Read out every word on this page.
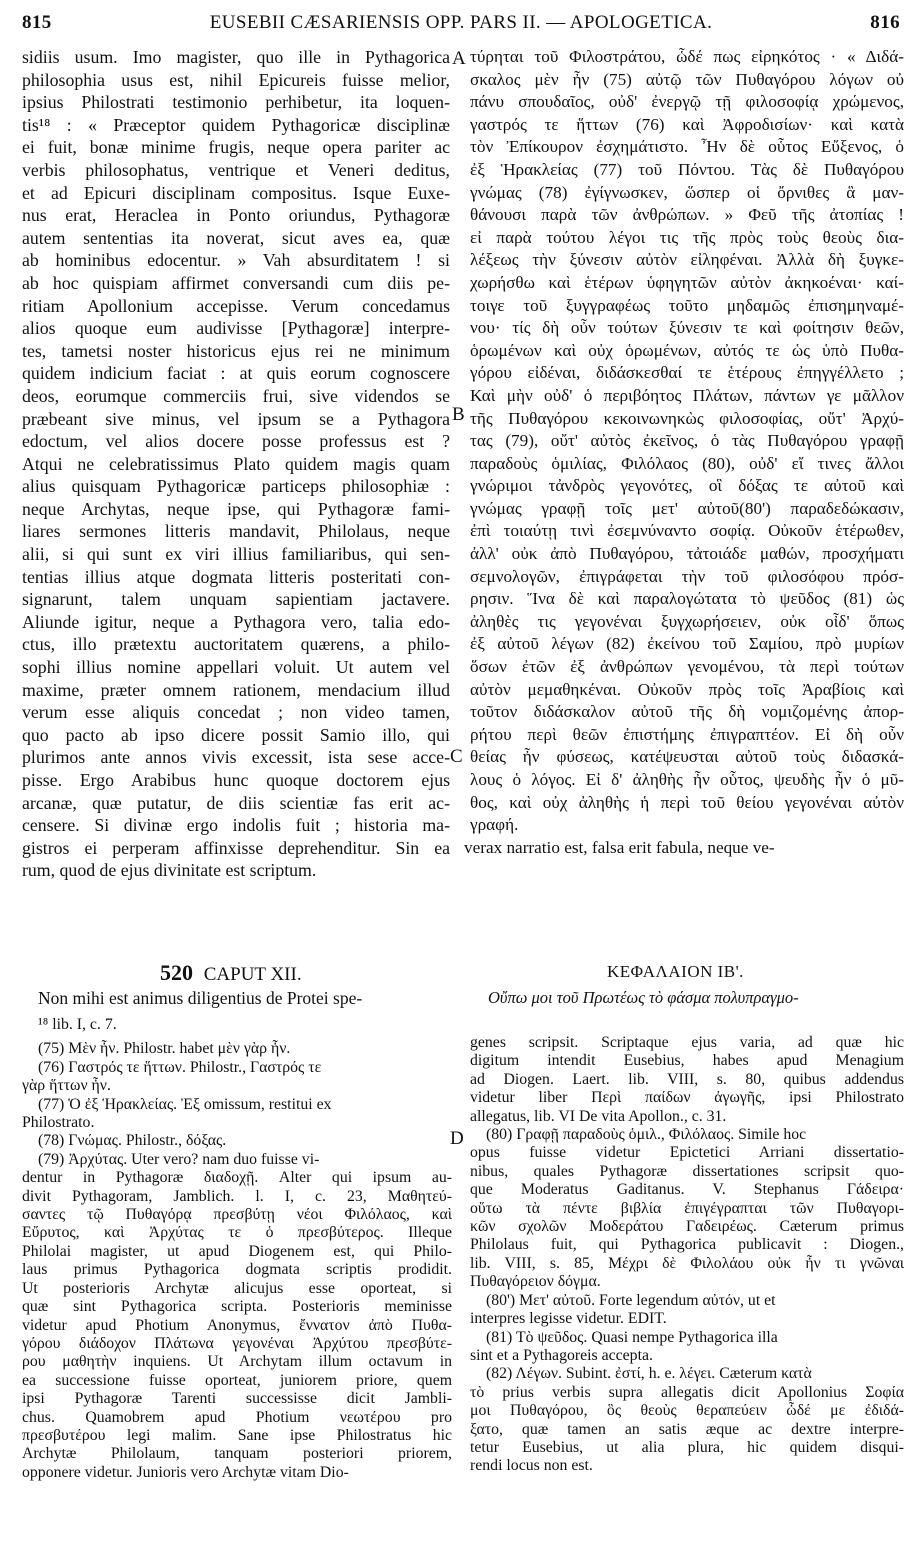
815	EUSEBII CÆSARIENSIS OPP. PARS II. — APOLOGETICA.	816

sidiis usum. Imo magister, quo ille in Pythagorica

philosophia usus est, nihil Epicureis fuisse melior,

ipsius Philostrati testimonio perhibetur, ita loquen-

tis¹⁸ : « Præceptor quidem Pythagoricæ disciplinæ

ei fuit, bonæ minime frugis, neque opera pariter ac

verbis philosophatus, ventrique et Veneri deditus,

et ad Epicuri disciplinam compositus. Isque Euxe-

nus erat, Heraclea in Ponto oriundus, Pythagoræ

autem sententias ita noverat, sicut aves ea, quæ

ab hominibus edocentur. » Vah absurditatem ! si

ab hoc quispiam affirmet conversandi cum diis pe-

ritiam Apollonium accepisse. Verum concedamus

alios quoque eum audivisse [Pythagoræ] interpre-

tes, tametsi noster historicus ejus rei ne minimum

quidem indicium faciat : at quis eorum cognoscere

deos, eorumque commerciis frui, sive videndos se

præbeant sive minus, vel ipsum se a Pythagora

edoctum, vel alios docere posse professus est ?

Atqui ne celebratissimus Plato quidem magis quam

alius quisquam Pythagoricæ particeps philosophiæ :

neque Archytas, neque ipse, qui Pythagoræ fami-

liares sermones litteris mandavit, Philolaus, neque

alii, si qui sunt ex viri illius familiaribus, qui sen-

tentias illius atque dogmata litteris posteritati con-

signarunt, talem unquam sapientiam jactavere.

Aliunde igitur, neque a Pythagora vero, talia edo-

ctus, illo prætextu auctoritatem quærens, a philo-

sophi illius nomine appellari voluit. Ut autem vel

maxime, præter omnem rationem, mendacium illud

verum esse aliquis concedat ; non video tamen,

quo pacto ab ipso dicere possit Samio illo, qui

plurimos ante annos vivis excessit, ista sese acce-

pisse. Ergo Arabibus hunc quoque doctorem ejus

arcanæ, quæ putatur, de diis scientiæ fas erit ac-

censere. Si divinæ ergo indolis fuit ; historia ma-

gistros ei perperam affinxisse deprehenditur. Sin ea

rum, quod de ejus divinitate est scriptum.

τύρηται τοῦ Φιλοστράτου, ὧδέ πως εἰρηκότος · « Διδά-

σκαλος μὲν ἦν (75) αὐτῷ τῶν Πυθαγόρου λόγων οὐ

πάνυ σπουδαῖος, οὐδ' ἐνεργῷ τῇ φιλοσοφίᾳ χρώμενος,

γαστρός τε ἥττων (76) καὶ Ἀφροδισίων· καὶ κατὰ

τὸν Ἐπίκουρον ἐσχημάτιστο. Ἦν δὲ οὗτος Εὔξενος, ὁ

ἐξ Ἡρακλείας (77) τοῦ Πόντου. Τὰς δὲ Πυθαγόρου

γνώμας (78) ἐγίγνωσκεν, ὥσπερ οἱ ὄρνιθες ἃ μαν-

θάνουσι παρὰ τῶν ἀνθρώπων. » Φεῦ τῆς ἀτοπίας !

εἰ παρὰ τούτου λέγοι τις τῆς πρὸς τοὺς θεοὺς δια-

λέξεως τὴν ξύνεσιν αὐτὸν εἰληφέναι. Ἀλλὰ δὴ ξυγκε-

χωρήσθω καὶ ἑτέρων ὑφηγητῶν αὐτὸν ἀκηκοέναι· καί-

τοιγε τοῦ ξυγγραφέως τοῦτο μηδαμῶς ἐπισημηναμέ-

νου· τίς δὴ οὖν τούτων ξύνεσιν τε καὶ φοίτησιν θεῶν,

ὁρωμένων καὶ οὐχ ὁρωμένων, αὐτός τε ὡς ὑπὸ Πυθα-

γόρου εἰδέναι, διδάσκεσθαί τε ἑτέρους ἐπηγγέλλετο ;

Καὶ μὴν οὐδ' ὁ περιβόητος Πλάτων, πάντων γε μᾶλλον

τῆς Πυθαγόρου κεκοινωνηκὼς φιλοσοφίας, οὔτ' Ἀρχύ-

τας (79), οὔτ' αὐτὸς ἐκεῖνος, ὁ τὰς Πυθαγόρου γραφῇ

παραδοὺς ὁμιλίας, Φιλόλαος (80), οὐδ' εἴ τινες ἄλλοι

γνώριμοι τἀνδρὸς γεγονότες, οἳ δόξας τε αὐτοῦ καὶ

γνώμας γραφῇ τοῖς μετ' αὐτοῦ(80') παραδεδώκασιν,

ἐπὶ τοιαύτῃ τινὶ ἐσεμνύναντο σοφίᾳ. Οὐκοῦν ἑτέρωθεν,

ἀλλ' οὐκ ἀπὸ Πυθαγόρου, τἀτοιάδε μαθών, προσχήματι

σεμνολογῶν, ἐπιγράφεται τὴν τοῦ φιλοσόφου πρόσ-

ρησιν. Ἵνα δὲ καὶ παραλογώτατα τὸ ψεῦδος (81) ὡς

ἀληθὲς τις γεγονέναι ξυγχωρήσειεν, οὐκ οἶδ' ὅπως

ἐξ αὐτοῦ λέγων (82) ἐκείνου τοῦ Σαμίου, πρὸ μυρίων

ὅσων ἐτῶν ἐξ ἀνθρώπων γενομένου, τὰ περὶ τούτων

αὐτὸν μεμαθηκέναι. Οὐκοῦν πρὸς τοῖς Ἀραβίοις καὶ

τοῦτον διδάσκαλον αὐτοῦ τῆς δὴ νομιζομένης ἀπορ-

ρήτου περὶ θεῶν ἐπιστήμης ἐπιγραπτέον. Εἰ δὴ οὖν

θείας ἦν φύσεως, κατέψευσται αὐτοῦ τοὺς διδασκά-

λους ὁ λόγος. Εἰ δ' ἀληθὴς ἦν οὗτος, ψευδὴς ἦν ὁ μῦ-

θος, καὶ οὐχ ἀληθὴς ἡ περὶ τοῦ θείου γεγονέναι αὐτὸν

γραφή.

verax narratio est, falsa erit fabula, neque ve-

A
B
C
D
520 CAPUT XII.	ΚΕΦΑΛΑΙΟΝ ΙΒ'.
Non mihi est animus diligentius de Protei spe-	Οὔπω μοι τοῦ Πρωτέως τὸ φάσμα πολυπραγμο-

¹⁸ lib. I, c. 7.

(75) Μὲν ἦν. Philostr. habet μὲν γὰρ ἦν.

(76) Γαστρός τε ἥττων. Philostr., Γαστρός τε

γὰρ ἥττων ἦν.

(77) Ὁ ἐξ Ἡρακλείας. Ἐξ omissum, restitui ex

Philostrato.

(78) Γνώμας. Philostr., δόξας.

(79) Ἀρχύτας. Uter vero? nam duo fuisse vi-

dentur in Pythagoræ διαδοχῇ. Alter qui ipsum au-

divit Pythagoram, Jamblich. l. I, c. 23, Μαθητεύ-

σαντες τῷ Πυθαγόρᾳ πρεσβύτῃ νέοι Φιλόλαος, καὶ

Εὔρυτος, καὶ Ἀρχύτας τε ὁ πρεσβύτερος. Illeque

Philolai magister, ut apud Diogenem est, qui Philo-

laus primus Pythagorica dogmata scriptis prodidit.

Ut posterioris Archytæ alicujus esse oporteat, si

quæ sint Pythagorica scripta. Posterioris meminisse

videtur apud Photium Anonymus, ἔννατον ἀπὸ Πυθα-

γόρου διάδοχον Πλάτωνα γεγονέναι Ἀρχύτου πρεσβύτε-

ρου μαθητὴν inquiens. Ut Archytam illum octavum in

ea successione fuisse oporteat, juniorem priore, quem

ipsi Pythagoræ Tarenti successisse dicit Jambli-

chus. Quamobrem apud Photium νεωτέρου pro

πρεσβυτέρου legi malim. Sane ipse Philostratus hic

Archytæ Philolaum, tanquam posteriori priorem,

opponere videtur. Junioris vero Archytæ vitam Dio-

genes scripsit. Scriptaque ejus varia, ad quæ hic

digitum intendit Eusebius, habes apud Menagium

ad Diogen. Laert. lib. VIII, s. 80, quibus addendus

videtur liber Περὶ παίδων ἀγωγῆς, ipsi Philostrato

allegatus, lib. VI De vita Apollon., c. 31.

(80) Γραφῇ παραδοὺς ὁμιλ., Φιλόλαος. Simile hoc

opus fuisse videtur Epictetici Arriani dissertatio-

nibus, quales Pythagoræ dissertationes scripsit quo-

que Moderatus Gaditanus. V. Stephanus Γάδειρα·

οὕτω τὰ πέντε βιβλία ἐπιγέγραπται τῶν Πυθαγορι-

κῶν σχολῶν Μοδεράτου Γαδειρέως. Cæterum primus

Philolaus fuit, qui Pythagorica publicavit : Diogen.,

lib. VIII, s. 85, Μέχρι δὲ Φιλολάου οὐκ ἦν τι γνῶναι

Πυθαγόρειον δόγμα.

(80') Μετ' αὐτοῦ. Forte legendum αὐτόν, ut et

interpres legisse videtur. EDIT.

(81) Τὸ ψεῦδος. Quasi nempe Pythagorica illa

sint et a Pythagoreis accepta.

(82) Λέγων. Subint. ἐστί, h. e. λέγει. Cæterum κατὰ

τὸ prius verbis supra allegatis dicit Apollonius Σοφία

μοι Πυθαγόρου, ὃς θεοὺς θεραπεύειν ὧδέ με ἐδιδά-

ξατο, quæ tamen an satis æque ac dextre interpre-

tetur Eusebius, ut alia plura, hic quidem disqui-

rendi locus non est.
